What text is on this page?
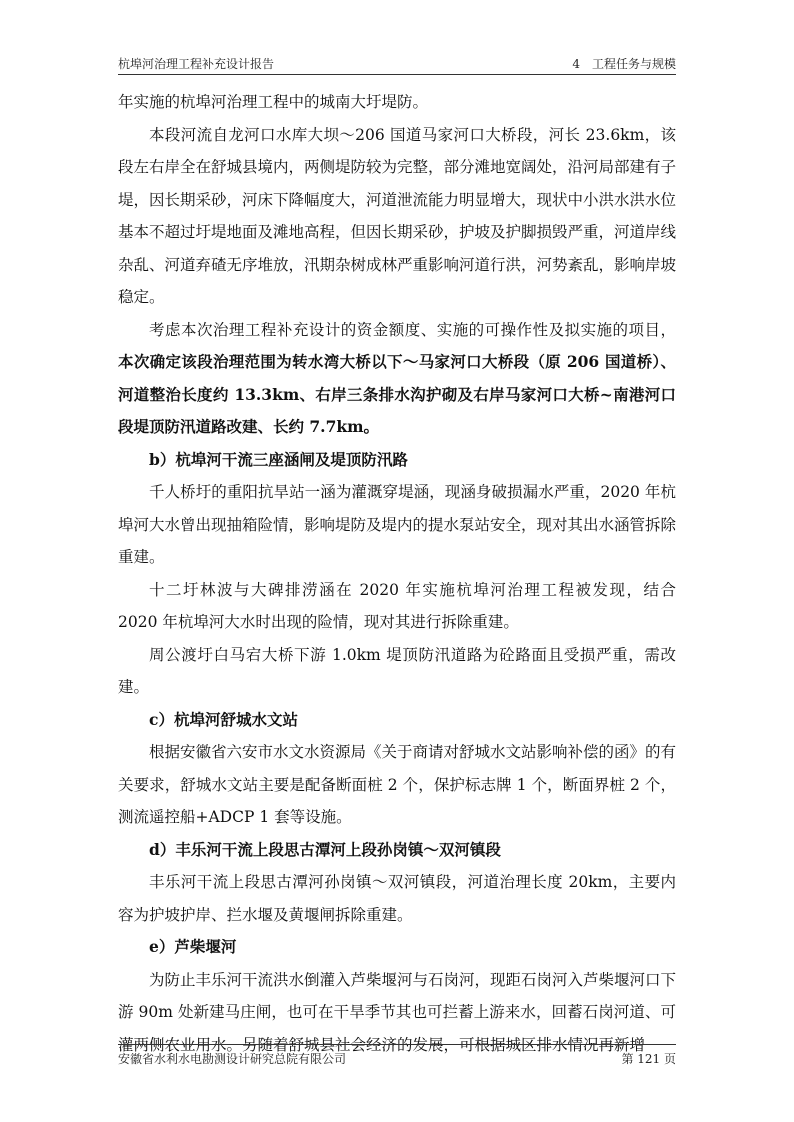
杭埠河治理工程补充设计报告	4　工程任务与规模

年实施的杭埠河治理工程中的城南大圩堤防。

本段河流自龙河口水库大坝～206 国道马家河口大桥段，河长 23.6km，该段左右岸全在舒城县境内，两侧堤防较为完整，部分滩地宽阔处，沿河局部建有子堤，因长期采砂，河床下降幅度大，河道泄流能力明显增大，现状中小洪水洪水位基本不超过圩堤地面及滩地高程，但因长期采砂，护坡及护脚损毁严重，河道岸线杂乱、河道弃碴无序堆放，汛期杂树成林严重影响河道行洪，河势紊乱，影响岸坡稳定。

考虑本次治理工程补充设计的资金额度、实施的可操作性及拟实施的项目，本次确定该段治理范围为转水湾大桥以下～马家河口大桥段（原 206 国道桥）、河道整治长度约 13.3km、右岸三条排水沟护砌及右岸马家河口大桥~南港河口段堤顶防汛道路改建、长约 7.7km。

b）杭埠河干流三座涵闸及堤顶防汛路

千人桥圩的重阳抗旱站一涵为灌溉穿堤涵，现涵身破损漏水严重，2020 年杭埠河大水曾出现抽箱险情，影响堤防及堤内的提水泵站安全，现对其出水涵管拆除重建。

十二圩林波与大碑排涝涵在 2020 年实施杭埠河治理工程被发现，结合 2020 年杭埠河大水时出现的险情，现对其进行拆除重建。

周公渡圩白马宕大桥下游 1.0km 堤顶防汛道路为砼路面且受损严重，需改建。

c）杭埠河舒城水文站

根据安徽省六安市水文水资源局《关于商请对舒城水文站影响补偿的函》的有关要求，舒城水文站主要是配备断面桩 2 个，保护标志牌 1 个，断面界桩 2 个，测流遥控船+ADCP 1 套等设施。

d）丰乐河干流上段思古潭河上段孙岗镇～双河镇段

丰乐河干流上段思古潭河孙岗镇～双河镇段，河道治理长度 20km，主要内容为护坡护岸、拦水堰及黄堰闸拆除重建。

e）芦柴堰河

为防止丰乐河干流洪水倒灌入芦柴堰河与石岗河，现距石岗河入芦柴堰河口下游 90m 处新建马庄闸，也可在干旱季节其也可拦蓄上游来水，回蓄石岗河道、可灌两侧农业用水。另随着舒城县社会经济的发展，可根据城区排水情况再新增

安徽省水利水电勘测设计研究总院有限公司	第 121 页
